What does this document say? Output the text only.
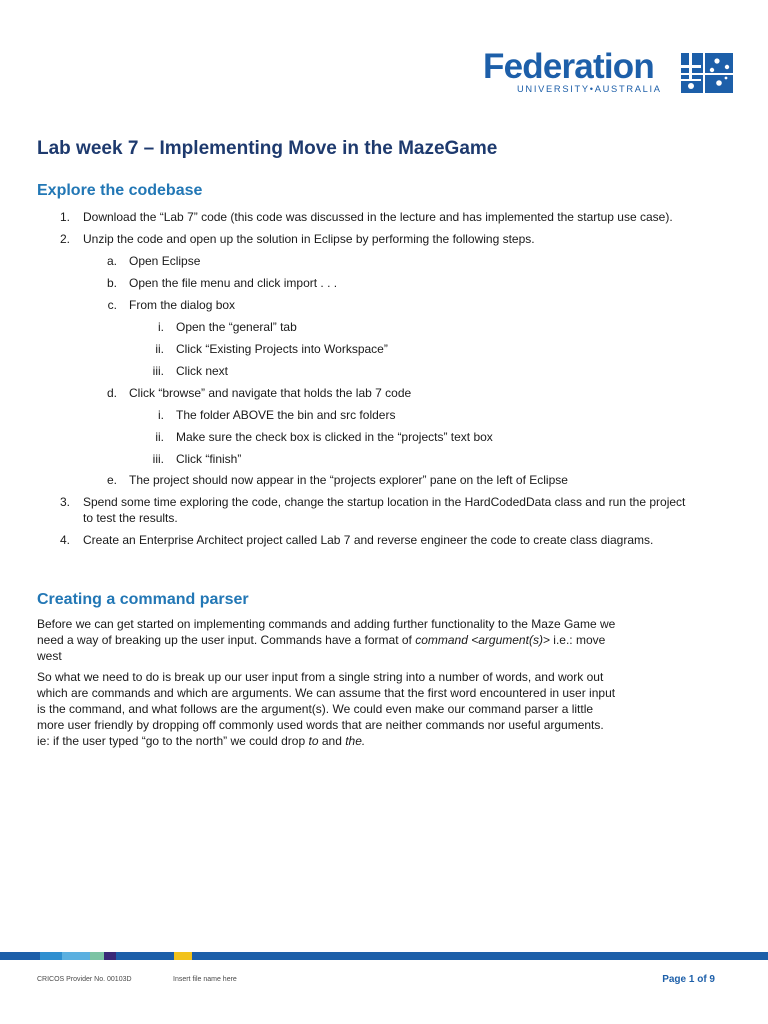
Federation
UNIVERSITY•AUSTRALIA
Lab week 7 – Implementing Move in the MazeGame
Explore the codebase
1. Download the “Lab 7” code (this code was discussed in the lecture and has implemented the startup use case).
2. Unzip the code and open up the solution in Eclipse by performing the following steps.
a. Open Eclipse
b. Open the file menu and click import . . .
c. From the dialog box
i. Open the “general” tab
ii. Click “Existing Projects into Workspace”
iii. Click next
d. Click “browse” and navigate that holds the lab 7 code
i. The folder ABOVE the bin and src folders
ii. Make sure the check box is clicked in the “projects” text box
iii. Click “finish”
e. The project should now appear in the “projects explorer” pane on the left of Eclipse
3. Spend some time exploring the code, change the startup location in the HardCodedData class and run the project
to test the results.
4. Create an Enterprise Architect project called Lab 7 and reverse engineer the code to create class diagrams.
Creating a command parser
Before we can get started on implementing commands and adding further functionality to the Maze Game we
need a way of breaking up the user input. Commands have a format of command <argument(s)> i.e.: move
west
So what we need to do is break up our user input from a single string into a number of words, and work out
which are commands and which are arguments. We can assume that the first word encountered in user input
is the command, and what follows are the argument(s). We could even make our command parser a little
more user friendly by dropping off commonly used words that are neither commands nor useful arguments.
ie: if the user typed “go to the north” we could drop to and the.
CRICOS Provider No. 00103D	Insert file name here	Page 1 of 9
